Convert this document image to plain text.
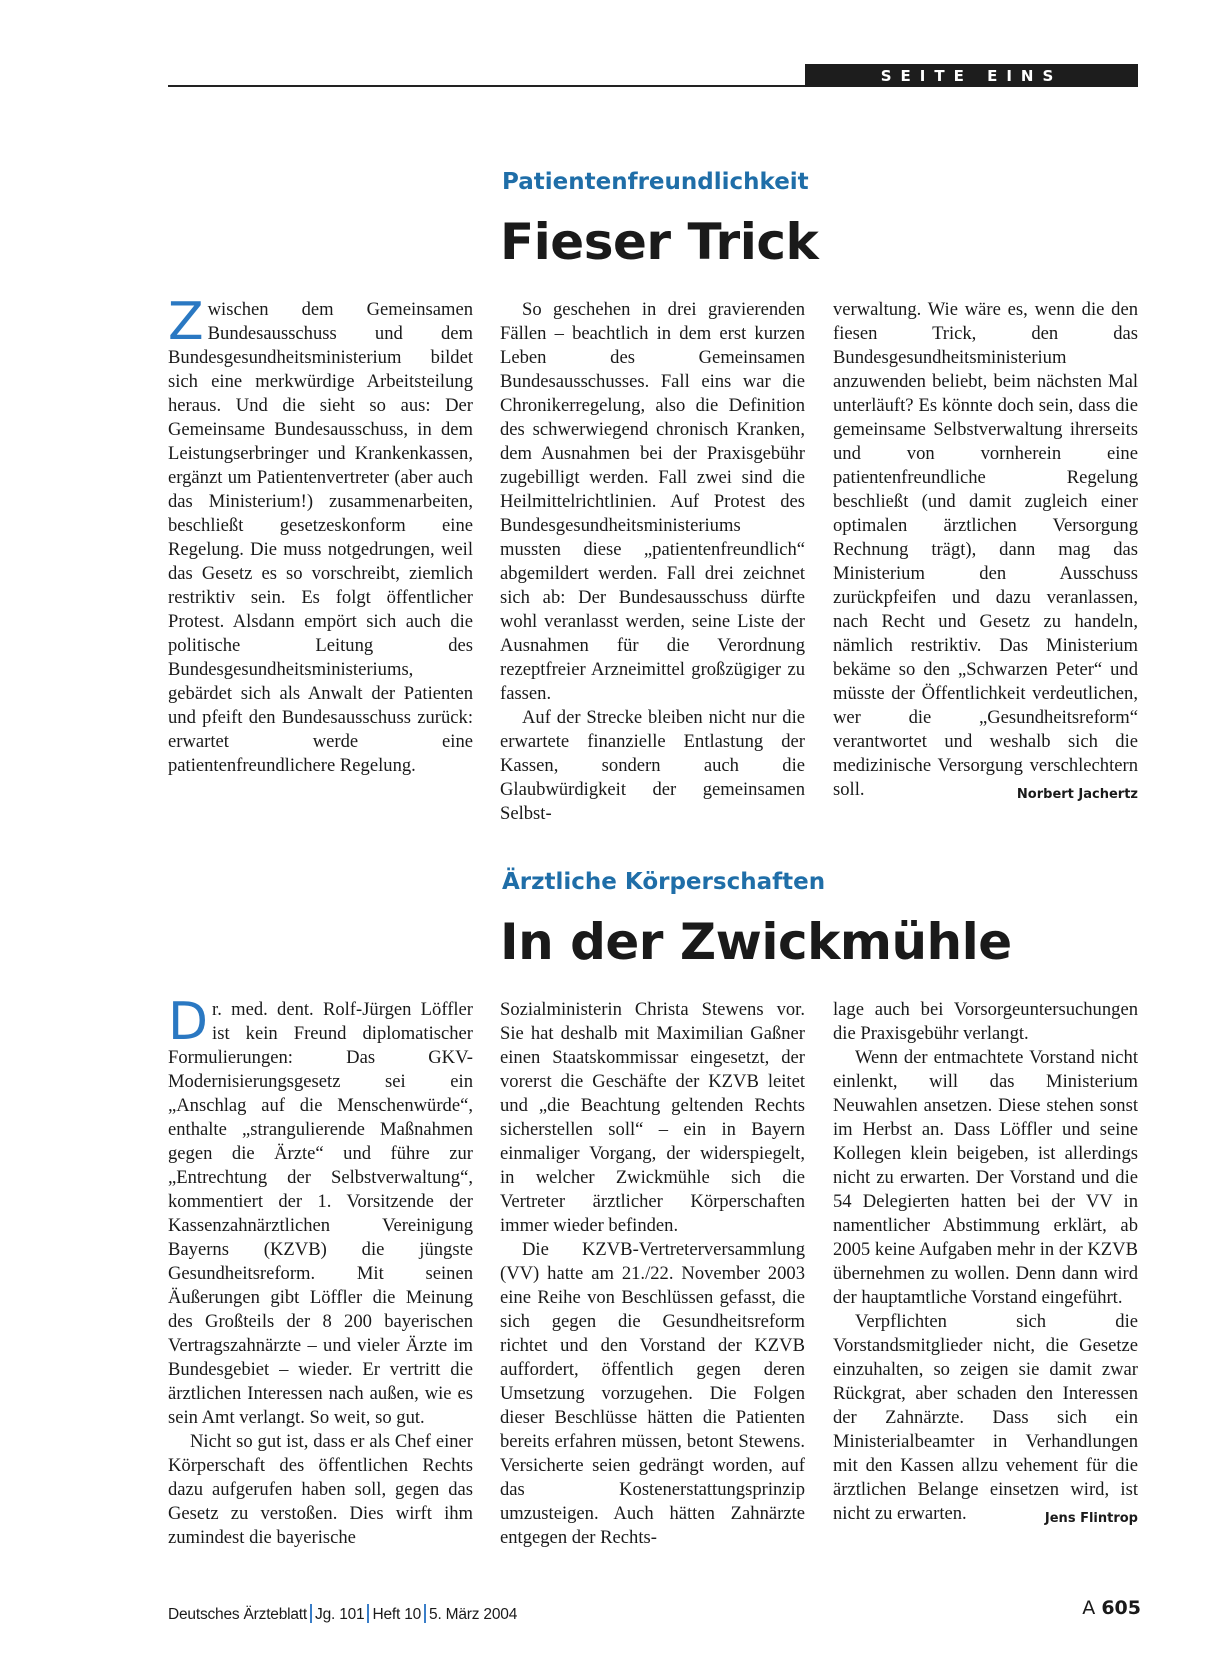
SEITE EINS
Patientenfreundlichkeit
Fieser Trick

Zwischen dem Gemeinsamen Bundesausschuss und dem Bundesgesundheitsministerium bildet sich eine merkwürdige Arbeitsteilung heraus. Und die sieht so aus: Der Gemeinsame Bundesausschuss, in dem Leistungserbringer und Krankenkassen, ergänzt um Patientenvertreter (aber auch das Ministerium!) zusammenarbeiten, beschließt gesetzeskonform eine Regelung. Die muss notgedrungen, weil das Gesetz es so vorschreibt, ziemlich restriktiv sein. Es folgt öffentlicher Protest. Alsdann empört sich auch die politische Leitung des Bundesgesundheitsministeriums, gebärdet sich als Anwalt der Patienten und pfeift den Bundesausschuss zurück: erwartet werde eine patientenfreundlichere Regelung.

So geschehen in drei gravierenden Fällen – beachtlich in dem erst kurzen Leben des Gemeinsamen Bundesausschusses. Fall eins war die Chronikerregelung, also die Definition des schwerwiegend chronisch Kranken, dem Ausnahmen bei der Praxisgebühr zugebilligt werden. Fall zwei sind die Heilmittelrichtlinien. Auf Protest des Bundesgesundheitsministeriums mussten diese „patientenfreundlich“ abgemildert werden. Fall drei zeichnet sich ab: Der Bundesausschuss dürfte wohl veranlasst werden, seine Liste der Ausnahmen für die Verordnung rezeptfreier Arzneimittel großzügiger zu fassen.

Auf der Strecke bleiben nicht nur die erwartete finanzielle Entlastung der Kassen, sondern auch die Glaubwürdigkeit der gemeinsamen Selbst-

verwaltung. Wie wäre es, wenn die den fiesen Trick, den das Bundesgesundheitsministerium anzuwenden beliebt, beim nächsten Mal unterläuft? Es könnte doch sein, dass die gemeinsame Selbstverwaltung ihrerseits und von vornherein eine patientenfreundliche Regelung beschließt (und damit zugleich einer optimalen ärztlichen Versorgung Rechnung trägt), dann mag das Ministerium den Ausschuss zurückpfeifen und dazu veranlassen, nach Recht und Gesetz zu handeln, nämlich restriktiv. Das Ministerium bekäme so den „Schwarzen Peter“ und müsste der Öffentlichkeit verdeutlichen, wer die „Gesundheitsreform“ verantwortet und weshalb sich die medizinische Versorgung verschlechtern soll.	Norbert Jachertz

Ärztliche Körperschaften
In der Zwickmühle

Dr. med. dent. Rolf-Jürgen Löffler ist kein Freund diplomatischer Formulierungen: Das GKV-Modernisierungsgesetz sei ein „Anschlag auf die Menschenwürde“, enthalte „strangulierende Maßnahmen gegen die Ärzte“ und führe zur „Entrechtung der Selbstverwaltung“, kommentiert der 1. Vorsitzende der Kassenzahnärztlichen Vereinigung Bayerns (KZVB) die jüngste Gesundheitsreform. Mit seinen Äußerungen gibt Löffler die Meinung des Großteils der 8 200 bayerischen Vertragszahnärzte – und vieler Ärzte im Bundesgebiet – wieder. Er vertritt die ärztlichen Interessen nach außen, wie es sein Amt verlangt. So weit, so gut.

Nicht so gut ist, dass er als Chef einer Körperschaft des öffentlichen Rechts dazu aufgerufen haben soll, gegen das Gesetz zu verstoßen. Dies wirft ihm zumindest die bayerische

Sozialministerin Christa Stewens vor. Sie hat deshalb mit Maximilian Gaßner einen Staatskommissar eingesetzt, der vorerst die Geschäfte der KZVB leitet und „die Beachtung geltenden Rechts sicherstellen soll“ – ein in Bayern einmaliger Vorgang, der widerspiegelt, in welcher Zwickmühle sich die Vertreter ärztlicher Körperschaften immer wieder befinden.

Die KZVB-Vertreterversammlung (VV) hatte am 21./22. November 2003 eine Reihe von Beschlüssen gefasst, die sich gegen die Gesundheitsreform richtet und den Vorstand der KZVB auffordert, öffentlich gegen deren Umsetzung vorzugehen. Die Folgen dieser Beschlüsse hätten die Patienten bereits erfahren müssen, betont Stewens. Versicherte seien gedrängt worden, auf das Kostenerstattungsprinzip umzusteigen. Auch hätten Zahnärzte entgegen der Rechts-

lage auch bei Vorsorgeuntersuchungen die Praxisgebühr verlangt.

Wenn der entmachtete Vorstand nicht einlenkt, will das Ministerium Neuwahlen ansetzen. Diese stehen sonst im Herbst an. Dass Löffler und seine Kollegen klein beigeben, ist allerdings nicht zu erwarten. Der Vorstand und die 54 Delegierten hatten bei der VV in namentlicher Abstimmung erklärt, ab 2005 keine Aufgaben mehr in der KZVB übernehmen zu wollen. Denn dann wird der hauptamtliche Vorstand eingeführt.

Verpflichten sich die Vorstandsmitglieder nicht, die Gesetze einzuhalten, so zeigen sie damit zwar Rückgrat, aber schaden den Interessen der Zahnärzte. Dass sich ein Ministerialbeamter in Verhandlungen mit den Kassen allzu vehement für die ärztlichen Belange einsetzen wird, ist nicht zu erwarten.	Jens Flintrop

Deutsches Ärzteblatt Jg. 101 Heft 10 5. März 2004	A 605
